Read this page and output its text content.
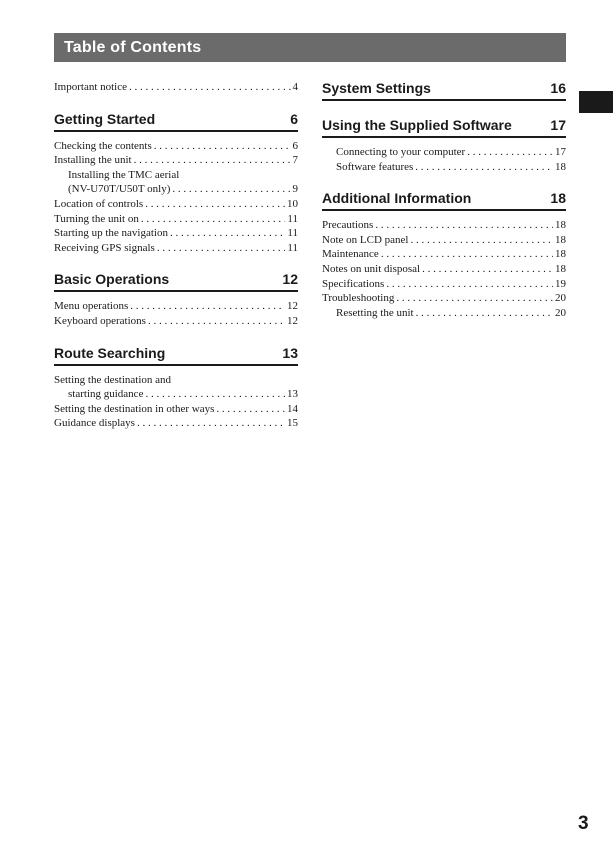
Table of Contents
Important notice . . .	4
Getting Started	6
Checking the contents . . .	6
Installing the unit . . .	7
Installing the TMC aerial
(NV-U70T/U50T only) . . .	9
Location of controls . . .	10
Turning the unit on . . .	11
Starting up the navigation . . .	11
Receiving GPS signals . . .	11
Basic Operations	12
Menu operations . . .	12
Keyboard operations . . .	12
Route Searching	13
Setting the destination and
starting guidance . . .	13
Setting the destination in other ways . . .	14
Guidance displays . . .	15
System Settings	16
Using the Supplied Software	17
Connecting to your computer . . .	17
Software features . . .	18
Additional Information	18
Precautions . . .	18
Note on LCD panel . . .	18
Maintenance . . .	18
Notes on unit disposal . . .	18
Specifications . . .	19
Troubleshooting . . .	20
Resetting the unit . . .	20
3
